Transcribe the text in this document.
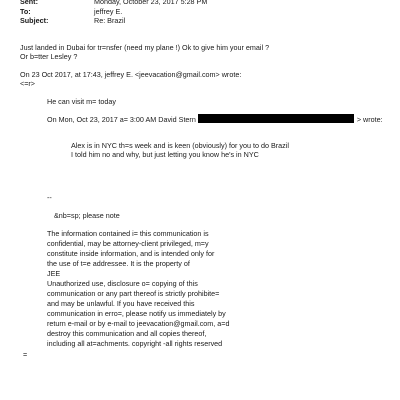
Sent:	Monday, October 23, 2017 5:28 PM
To:	jeffrey E.
Subject:	Re: Brazil
Just landed in Dubai for tr=nsfer (need my plane !) Ok to give him your email ?
Or b=tter Lesley ?
On 23 Oct 2017, at 17:43, jeffrey E. <jeevacation@gmail.com> wrote:
<=r>
He can visit m= today
On Mon, Oct 23, 2017 a= 3:00 AM David Stern	> wrote:
Alex is in NYC th=s week and is keen (obviously) for you to do Brazil
I told him no and why, but just letting you know he's in NYC
--
&nb=sp; please note
The information contained i= this communication is
confidential, may be attorney-client privileged, m=y
constitute inside information, and is intended only for
the use of t=e addressee. It is the property of
JEE
Unauthorized use, disclosure o= copying of this
communication or any part thereof is strictly prohibite=
and may be unlawful. If you have received this
communication in erro=, please notify us immediately by
return e-mail or by e-mail to jeevacation@gmail.com, a=d
destroy this communication and all copies thereof,
including all at=achments. copyright -all rights reserved
=
